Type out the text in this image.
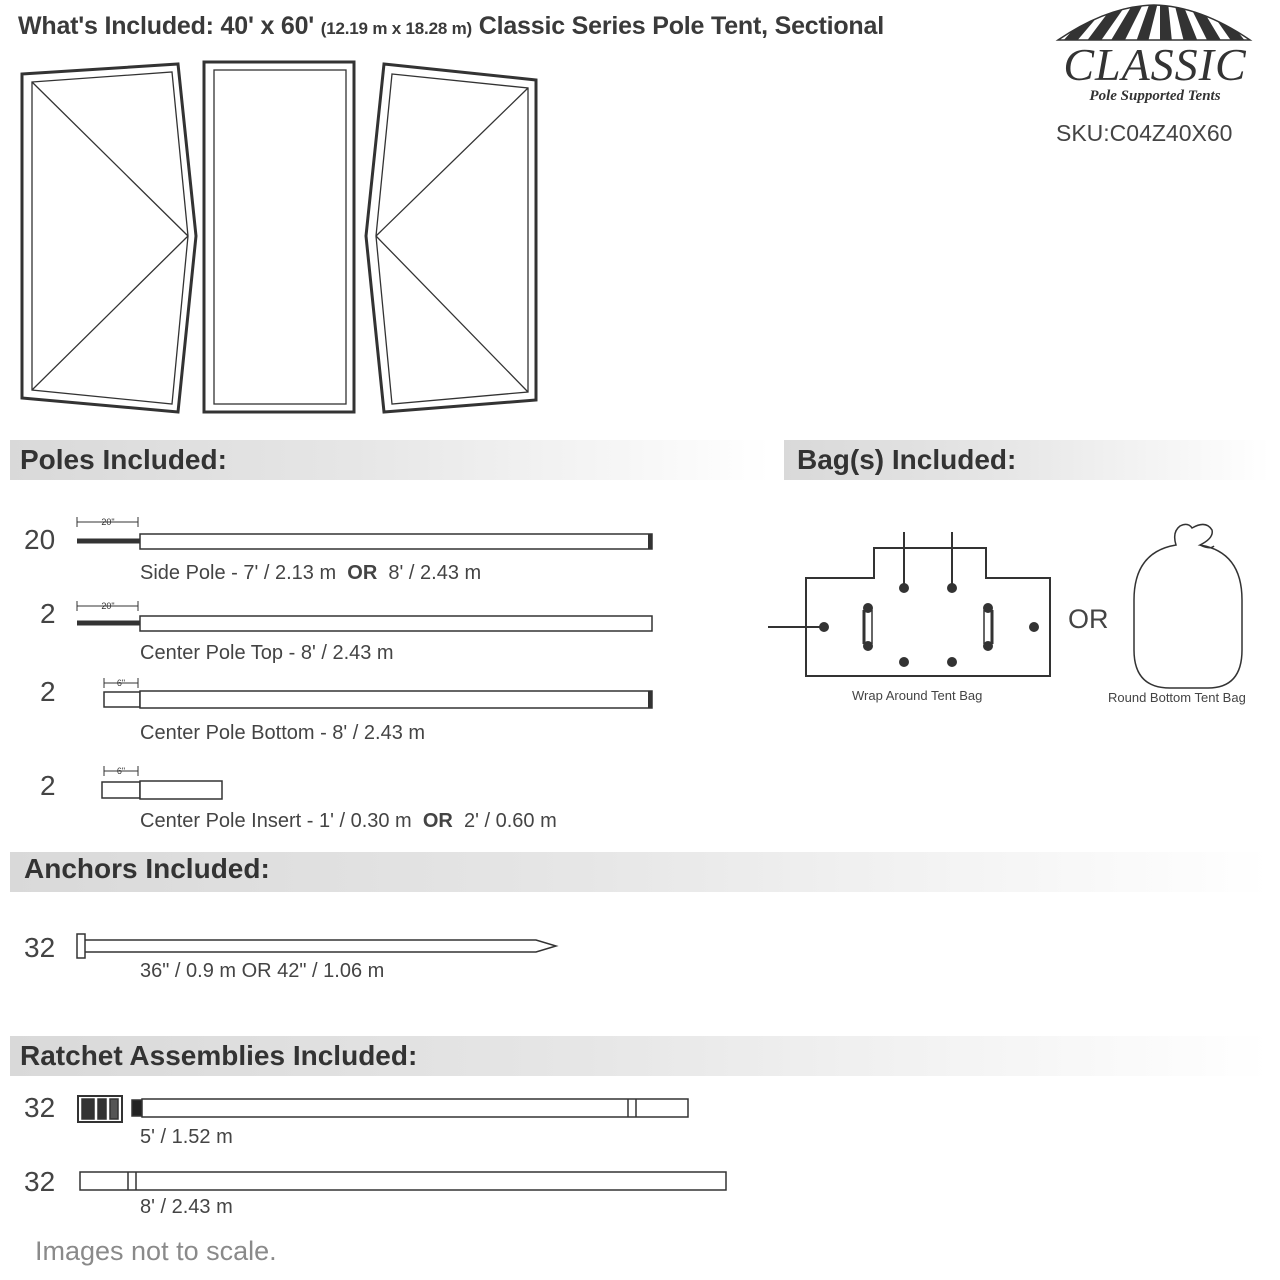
What's Included: 40' x 60' (12.19 m x 18.28 m) Classic Series Pole Tent, Sectional
CLASSIC
Pole Supported Tents
SKU:C04Z40X60
Poles Included:	Bag(s) Included:
Anchors Included:
Ratchet Assemblies Included:
20
2
2
2
Side Pole - 7' / 2.13 m OR 8' / 2.43 m
Center Pole Top - 8' / 2.43 m
Center Pole Bottom - 8' / 2.43 m
Center Pole Insert - 1' / 0.30 m OR 2' / 0.60 m
20"
20"
6"
6"
Wrap Around Tent Bag
OR
Round Bottom Tent Bag
32
36" / 0.9 m OR 42" / 1.06 m
32
5' / 1.52 m
32
8' / 2.43 m
Images not to scale.
